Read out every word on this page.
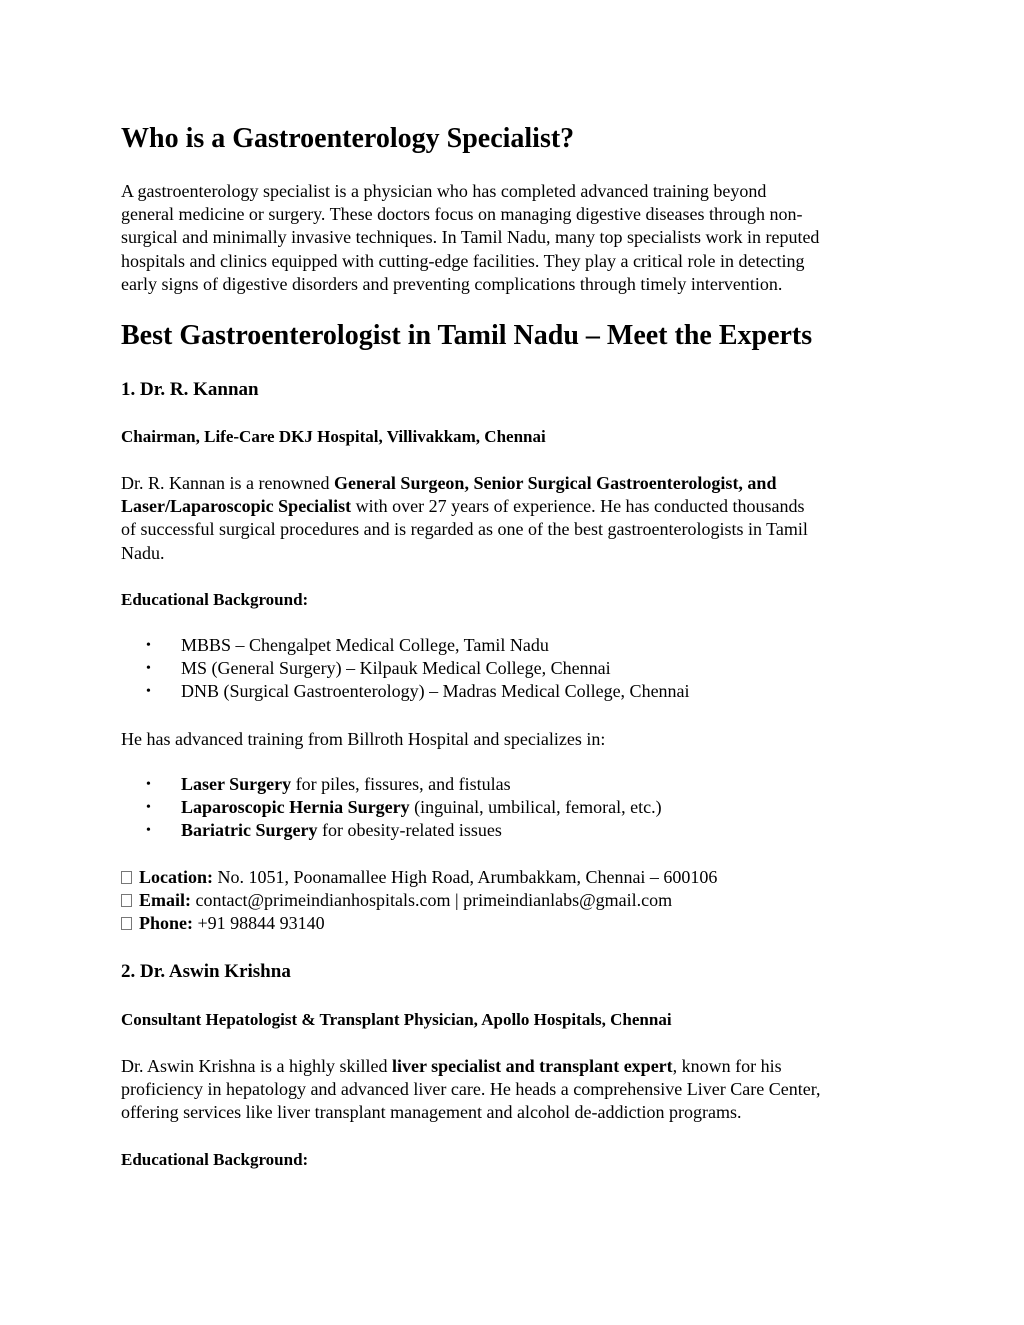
Who is a Gastroenterology Specialist?
A gastroenterology specialist is a physician who has completed advanced training beyond
general medicine or surgery. These doctors focus on managing digestive diseases through non-
surgical and minimally invasive techniques. In Tamil Nadu, many top specialists work in reputed
hospitals and clinics equipped with cutting-edge facilities. They play a critical role in detecting
early signs of digestive disorders and preventing complications through timely intervention.
Best Gastroenterologist in Tamil Nadu – Meet the Experts
1. Dr. R. Kannan
Chairman, Life-Care DKJ Hospital, Villivakkam, Chennai
Dr. R. Kannan is a renowned General Surgeon, Senior Surgical Gastroenterologist, and
Laser/Laparoscopic Specialist with over 27 years of experience. He has conducted thousands
of successful surgical procedures and is regarded as one of the best gastroenterologists in Tamil
Nadu.
Educational Background:
• MBBS – Chengalpet Medical College, Tamil Nadu
• MS (General Surgery) – Kilpauk Medical College, Chennai
• DNB (Surgical Gastroenterology) – Madras Medical College, Chennai
He has advanced training from Billroth Hospital and specializes in:
• Laser Surgery for piles, fissures, and fistulas
• Laparoscopic Hernia Surgery (inguinal, umbilical, femoral, etc.)
• Bariatric Surgery for obesity-related issues
Location: No. 1051, Poonamallee High Road, Arumbakkam, Chennai – 600106
Email: contact@primeindianhospitals.com | primeindianlabs@gmail.com
Phone: +91 98844 93140
2. Dr. Aswin Krishna
Consultant Hepatologist & Transplant Physician, Apollo Hospitals, Chennai
Dr. Aswin Krishna is a highly skilled liver specialist and transplant expert, known for his
proficiency in hepatology and advanced liver care. He heads a comprehensive Liver Care Center,
offering services like liver transplant management and alcohol de-addiction programs.
Educational Background:
